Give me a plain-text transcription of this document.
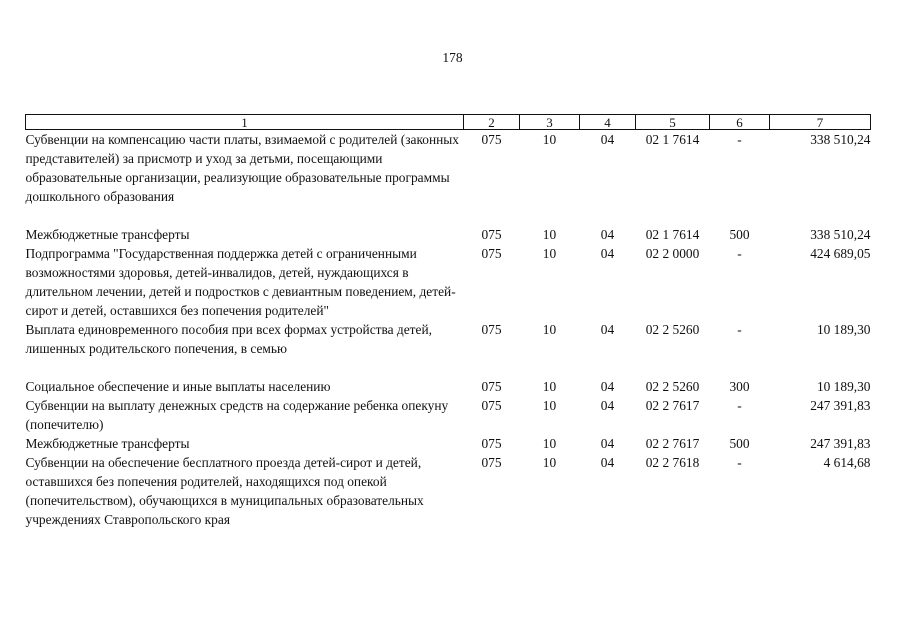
178
1	2	3	4	5	6	7
Субвенции на компенсацию части платы, взимаемой с родителей (законных представителей) за присмотр и уход за детьми, посещающими образовательные организации, реализующие образовательные программы дошкольного образования	075	10	04	02 1 7614	-	338 510,24

Межбюджетные трансферты	075	10	04	02 1 7614	500	338 510,24
Подпрограмма "Государственная поддержка детей с ограниченными возможностями здоровья, детей-инвалидов, детей, нуждающихся в длительном лечении, детей и подростков с девиантным поведением, детей-сирот и детей, оставшихся без попечения родителей"	075	10	04	02 2 0000	-	424 689,05
Выплата единовременного пособия при всех формах устройства детей, лишенных родительского попечения, в семью	075	10	04	02 2 5260	-	10 189,30

Социальное обеспечение и иные выплаты населению	075	10	04	02 2 5260	300	10 189,30
Субвенции на выплату денежных средств на содержание ребенка опекуну (попечителю)	075	10	04	02 2 7617	-	247 391,83
Межбюджетные трансферты	075	10	04	02 2 7617	500	247 391,83
Субвенции на обеспечение бесплатного проезда детей-сирот и детей, оставшихся без попечения родителей, находящихся под опекой (попечительством), обучающихся в муниципальных образовательных учреждениях Ставропольского края	075	10	04	02 2 7618	-	4 614,68
